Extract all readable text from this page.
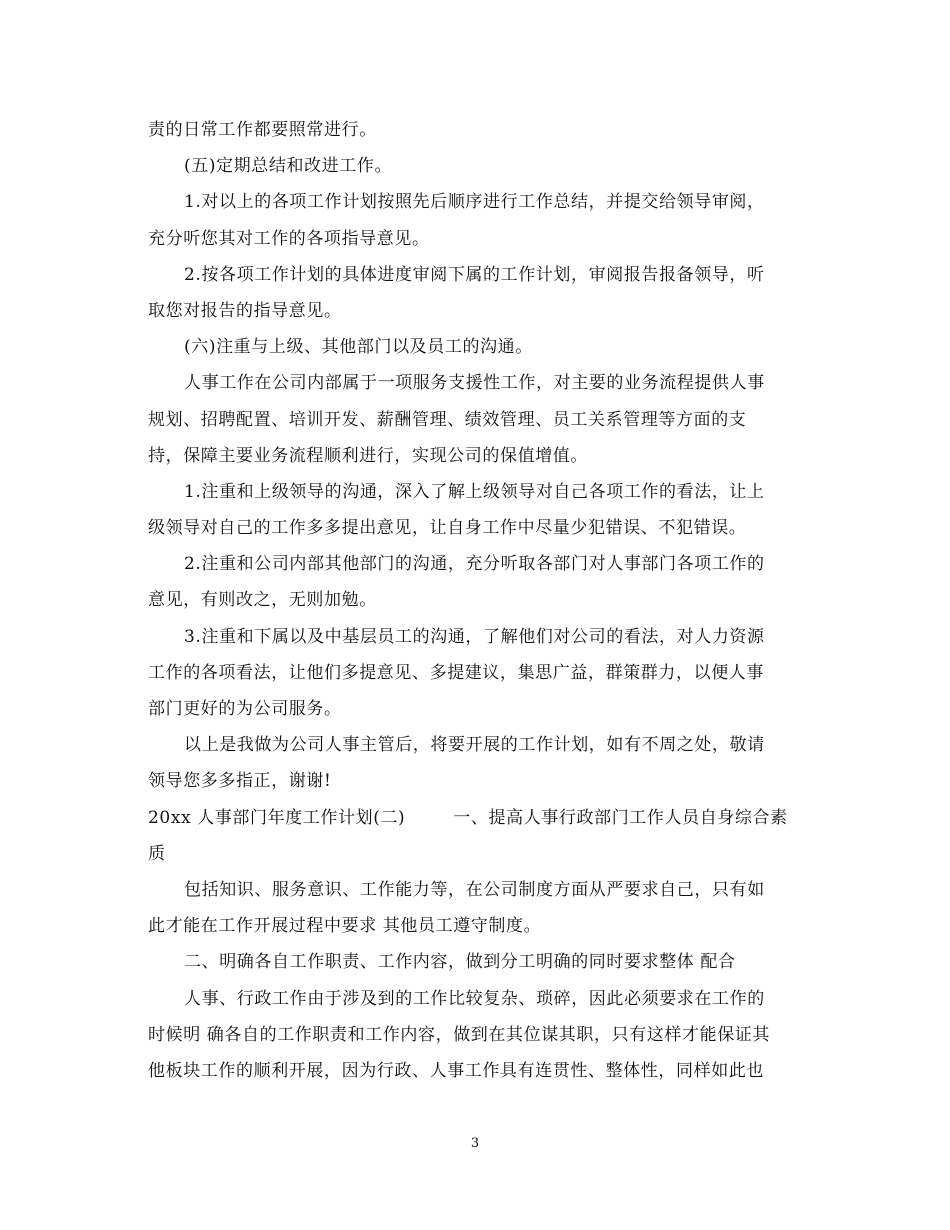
责的日常工作都要照常进行。
(五)定期总结和改进工作。
1.对以上的各项工作计划按照先后顺序进行工作总结，并提交给领导审阅，
充分听您其对工作的各项指导意见。
2.按各项工作计划的具体进度审阅下属的工作计划，审阅报告报备领导，听
取您对报告的指导意见。
(六)注重与上级、其他部门以及员工的沟通。
人事工作在公司内部属于一项服务支援性工作，对主要的业务流程提供人事
规划、招聘配置、培训开发、薪酬管理、绩效管理、员工关系管理等方面的支
持，保障主要业务流程顺利进行，实现公司的保值增值。
1.注重和上级领导的沟通，深入了解上级领导对自己各项工作的看法，让上
级领导对自己的工作多多提出意见，让自身工作中尽量少犯错误、不犯错误。
2.注重和公司内部其他部门的沟通，充分听取各部门对人事部门各项工作的
意见，有则改之，无则加勉。
3.注重和下属以及中基层员工的沟通，了解他们对公司的看法，对人力资源
工作的各项看法，让他们多提意见、多提建议，集思广益，群策群力，以便人事
部门更好的为公司服务。
以上是我做为公司人事主管后，将要开展的工作计划，如有不周之处，敬请
领导您多多指正，谢谢!
20xx 人事部门年度工作计划(二)        一、提高人事行政部门工作人员自身综合素
质
包括知识、服务意识、工作能力等，在公司制度方面从严要求自己，只有如
此才能在工作开展过程中要求 其他员工遵守制度。
二、明确各自工作职责、工作内容，做到分工明确的同时要求整体 配合
人事、行政工作由于涉及到的工作比较复杂、琐碎，因此必须要求在工作的
时候明 确各自的工作职责和工作内容，做到在其位谋其职，只有这样才能保证其
他板块工作的顺利开展，因为行政、人事工作具有连贯性、整体性，同样如此也
3
